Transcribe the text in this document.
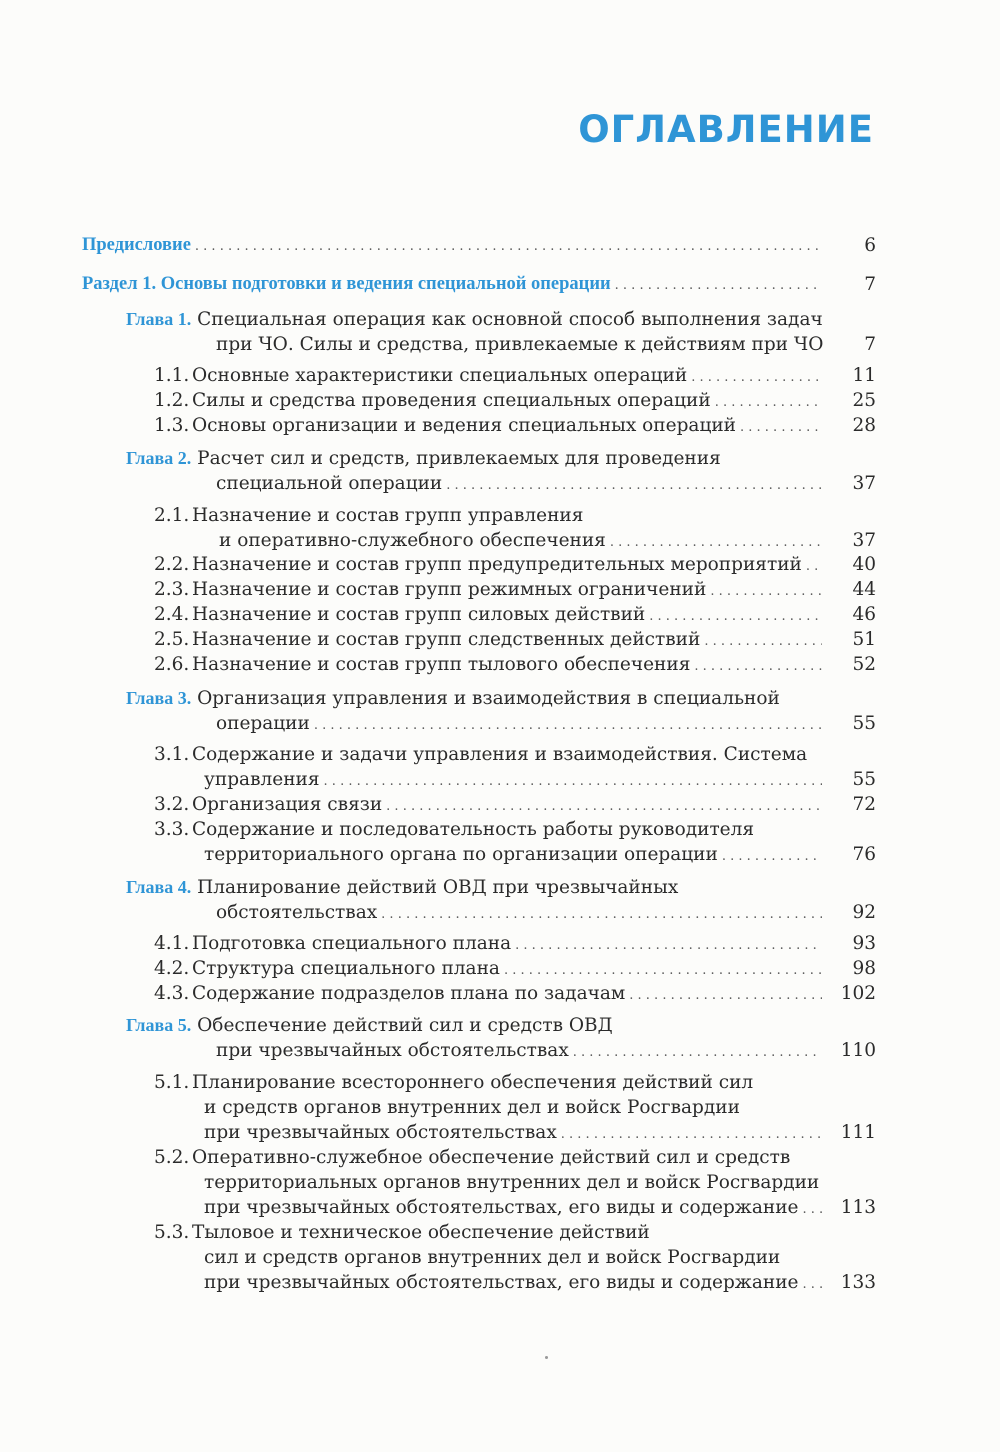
ОГЛАВЛЕНИЕ
Предисловие . . .	6
Раздел 1. Основы подготовки и ведения специальной операции . . .	7
Глава 1.
Специальная операция как основной способ выполнения задач
при ЧО. Силы и средства, привлекаемые к действиям при ЧО	7
1.1. Основные характеристики специальных операций . . .	11
1.2. Силы и средства проведения специальных операций . . .	25
1.3. Основы организации и ведения специальных операций . . .	28
Глава 2.
Расчет сил и средств, привлекаемых для проведения
специальной операции . . .	37
2.1. Назначение и состав групп управления
и оперативно-служебного обеспечения . . .	37
2.2. Назначение и состав групп предупредительных мероприятий . . .	40
2.3. Назначение и состав групп режимных ограничений . . .	44
2.4. Назначение и состав групп силовых действий . . .	46
2.5. Назначение и состав групп следственных действий . . .	51
2.6. Назначение и состав групп тылового обеспечения . . .	52
Глава 3.
Организация управления и взаимодействия в специальной
операции . . .	55
3.1. Содержание и задачи управления и взаимодействия. Система
управления . . .	55
3.2. Организация связи . . .	72
3.3. Содержание и последовательность работы руководителя
территориального органа по организации операции . . .	76
Глава 4.
Планирование действий ОВД при чрезвычайных
обстоятельствах . . .	92
4.1. Подготовка специального плана . . .	93
4.2. Структура специального плана . . .	98
4.3. Содержание подразделов плана по задачам . . .	102
Глава 5.
Обеспечение действий сил и средств ОВД
при чрезвычайных обстоятельствах . . .	110
5.1. Планирование всестороннего обеспечения действий сил
и средств органов внутренних дел и войск Росгвардии
при чрезвычайных обстоятельствах . . .	111
5.2. Оперативно-служебное обеспечение действий сил и средств
территориальных органов внутренних дел и войск Росгвардии
при чрезвычайных обстоятельствах, его виды и содержание . . .	113
5.3. Тыловое и техническое обеспечение действий
сил и средств органов внутренних дел и войск Росгвардии
при чрезвычайных обстоятельствах, его виды и содержание . . .	133
